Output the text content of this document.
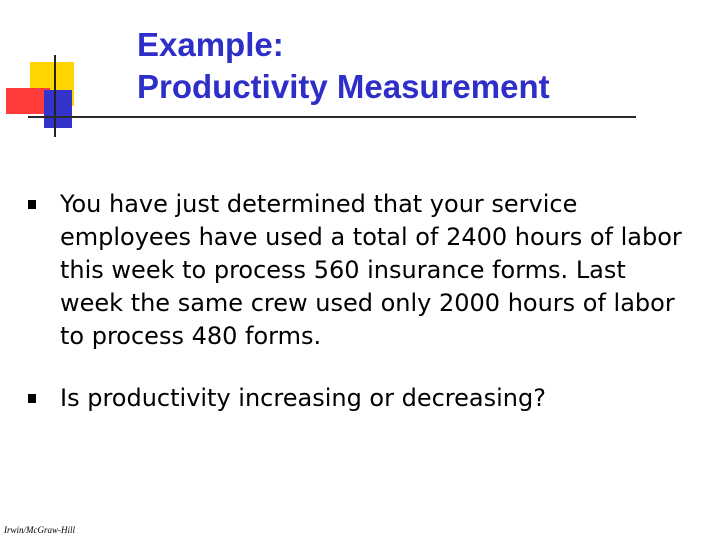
Example:
Productivity Measurement
You have just determined that your service employees have used a total of 2400 hours of labor this week to process 560 insurance forms. Last week the same crew used only 2000 hours of labor to process 480 forms.
Is productivity increasing or decreasing?
Irwin/McGraw-Hill
